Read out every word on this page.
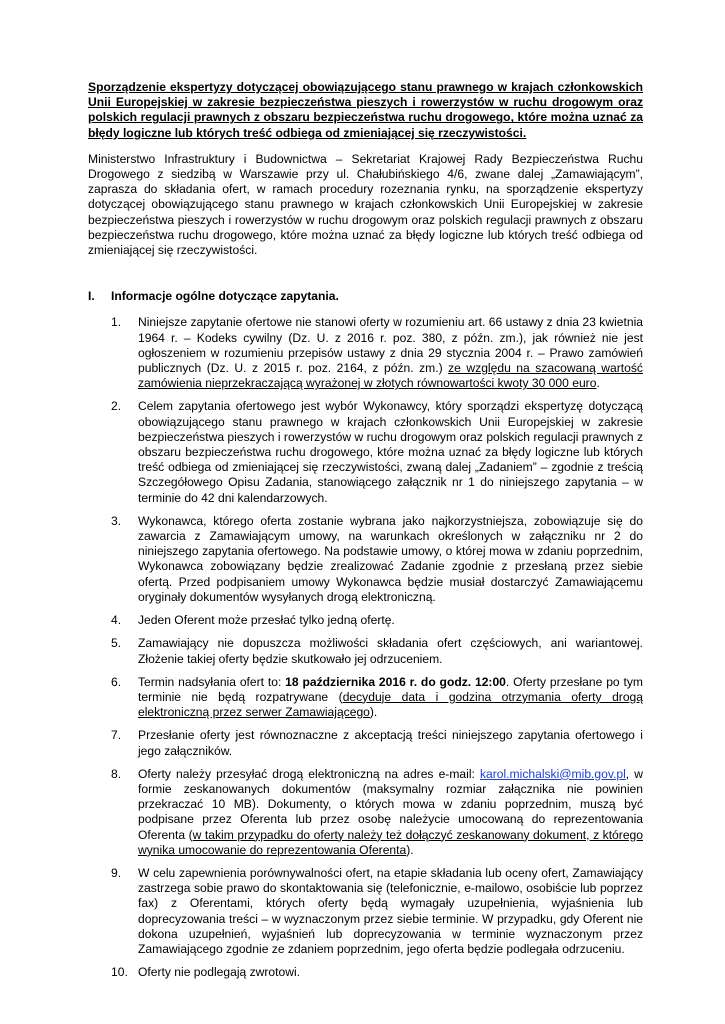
Sporządzenie ekspertyzy dotyczącej obowiązującego stanu prawnego w krajach członkowskich Unii Europejskiej w zakresie bezpieczeństwa pieszych i rowerzystów w ruchu drogowym oraz polskich regulacji prawnych z obszaru bezpieczeństwa ruchu drogowego, które można uznać za błędy logiczne lub których treść odbiega od zmieniającej się rzeczywistości.

Ministerstwo Infrastruktury i Budownictwa – Sekretariat Krajowej Rady Bezpieczeństwa Ruchu Drogowego z siedzibą w Warszawie przy ul. Chałubińskiego 4/6, zwane dalej „Zamawiającym”, zaprasza do składania ofert, w ramach procedury rozeznania rynku, na sporządzenie ekspertyzy dotyczącej obowiązującego stanu prawnego w krajach członkowskich Unii Europejskiej w zakresie bezpieczeństwa pieszych i rowerzystów w ruchu drogowym oraz polskich regulacji prawnych z obszaru bezpieczeństwa ruchu drogowego, które można uznać za błędy logiczne lub których treść odbiega od zmieniającej się rzeczywistości.

I.	Informacje ogólne dotyczące zapytania.
1.	Niniejsze zapytanie ofertowe nie stanowi oferty w rozumieniu art. 66 ustawy z dnia 23 kwietnia 1964 r. – Kodeks cywilny (Dz. U. z 2016 r. poz. 380, z późn. zm.), jak również nie jest ogłoszeniem w rozumieniu przepisów ustawy z dnia 29 stycznia 2004 r. – Prawo zamówień publicznych (Dz. U. z 2015 r. poz. 2164, z późn. zm.) ze względu na szacowaną wartość zamówienia nieprzekraczającą wyrażonej w złotych równowartości kwoty 30 000 euro.
2.	Celem zapytania ofertowego jest wybór Wykonawcy, który sporządzi ekspertyzę dotyczącą obowiązującego stanu prawnego w krajach członkowskich Unii Europejskiej w zakresie bezpieczeństwa pieszych i rowerzystów w ruchu drogowym oraz polskich regulacji prawnych z obszaru bezpieczeństwa ruchu drogowego, które można uznać za błędy logiczne lub których treść odbiega od zmieniającej się rzeczywistości, zwaną dalej „Zadaniem” – zgodnie z treścią Szczegółowego Opisu Zadania, stanowiącego załącznik nr 1 do niniejszego zapytania – w terminie do 42 dni kalendarzowych.
3.	Wykonawca, którego oferta zostanie wybrana jako najkorzystniejsza, zobowiązuje się do zawarcia z Zamawiającym umowy, na warunkach określonych w załączniku nr 2 do niniejszego zapytania ofertowego. Na podstawie umowy, o której mowa w zdaniu poprzednim, Wykonawca zobowiązany będzie zrealizować Zadanie zgodnie z przesłaną przez siebie ofertą. Przed podpisaniem umowy Wykonawca będzie musiał dostarczyć Zamawiającemu oryginały dokumentów wysyłanych drogą elektroniczną.
4.	Jeden Oferent może przesłać tylko jedną ofertę.
5.	Zamawiający nie dopuszcza możliwości składania ofert częściowych, ani wariantowej. Złożenie takiej oferty będzie skutkowało jej odrzuceniem.
6.	Termin nadsyłania ofert to: 18 października 2016 r. do godz. 12:00. Oferty przesłane po tym terminie nie będą rozpatrywane (decyduje data i godzina otrzymania oferty drogą elektroniczną przez serwer Zamawiającego).
7.	Przesłanie oferty jest równoznaczne z akceptacją treści niniejszego zapytania ofertowego i jego załączników.
8.	Oferty należy przesyłać drogą elektroniczną na adres e-mail: karol.michalski@mib.gov.pl, w formie zeskanowanych dokumentów (maksymalny rozmiar załącznika nie powinien przekraczać 10 MB). Dokumenty, o których mowa w zdaniu poprzednim, muszą być podpisane przez Oferenta lub przez osobę należycie umocowaną do reprezentowania Oferenta (w takim przypadku do oferty należy też dołączyć zeskanowany dokument, z którego wynika umocowanie do reprezentowania Oferenta).
9.	W celu zapewnienia porównywalności ofert, na etapie składania lub oceny ofert, Zamawiający zastrzega sobie prawo do skontaktowania się (telefonicznie, e-mailowo, osobiście lub poprzez fax) z Oferentami, których oferty będą wymagały uzupełnienia, wyjaśnienia lub doprecyzowania treści – w wyznaczonym przez siebie terminie. W przypadku, gdy Oferent nie dokona uzupełnień, wyjaśnień lub doprecyzowania w terminie wyznaczonym przez Zamawiającego zgodnie ze zdaniem poprzednim, jego oferta będzie podlegała odrzuceniu.
10. Oferty nie podlegają zwrotowi.
